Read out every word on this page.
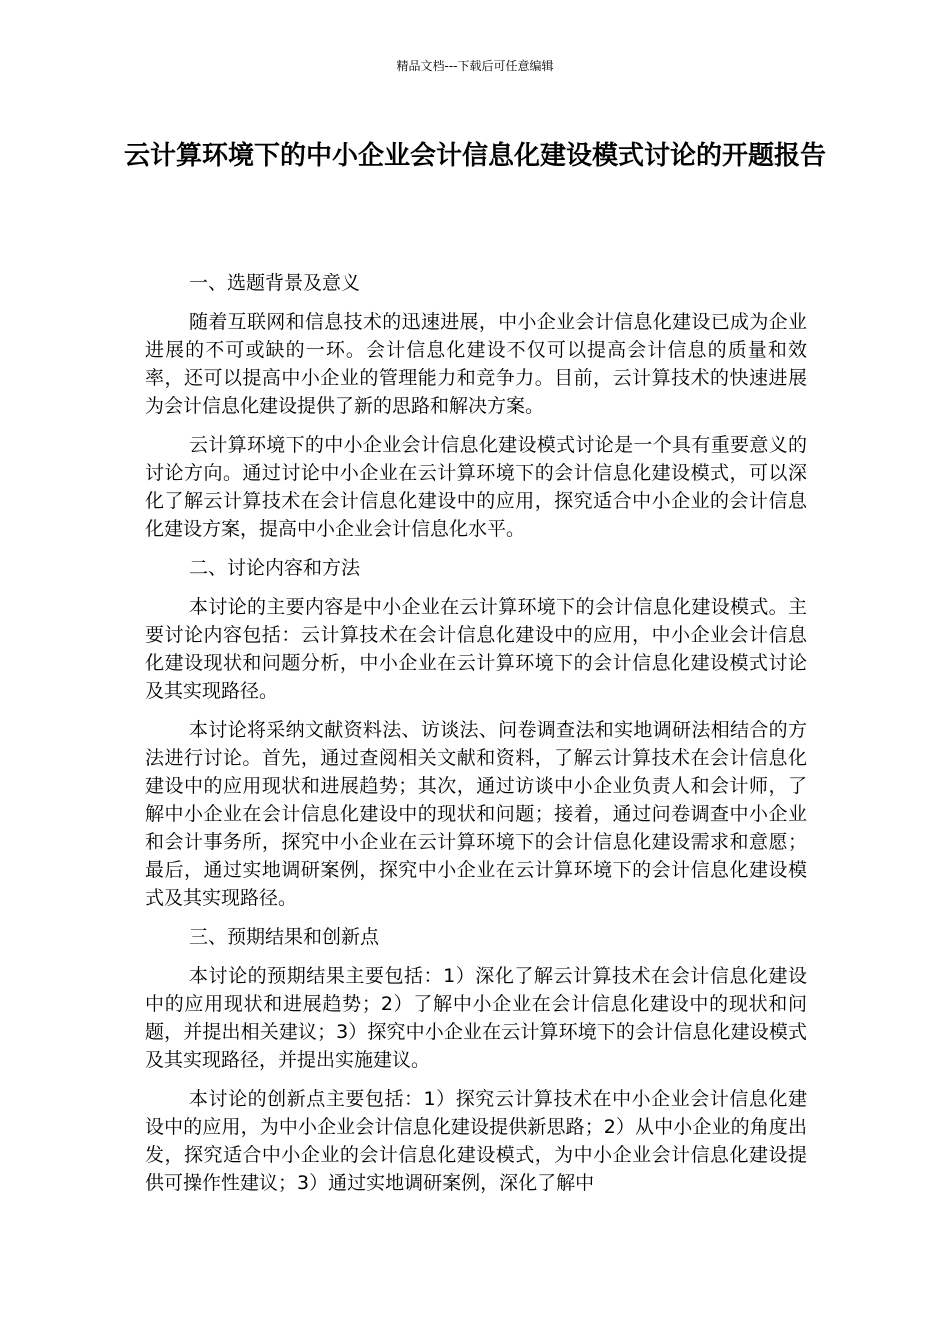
精品文档---下载后可任意编辑
云计算环境下的中小企业会计信息化建设模式讨论的开题报告

一、选题背景及意义

随着互联网和信息技术的迅速进展，中小企业会计信息化建设已成为企业进展的不可或缺的一环。会计信息化建设不仅可以提高会计信息的质量和效率，还可以提高中小企业的管理能力和竞争力。目前，云计算技术的快速进展为会计信息化建设提供了新的思路和解决方案。

云计算环境下的中小企业会计信息化建设模式讨论是一个具有重要意义的讨论方向。通过讨论中小企业在云计算环境下的会计信息化建设模式，可以深化了解云计算技术在会计信息化建设中的应用，探究适合中小企业的会计信息化建设方案，提高中小企业会计信息化水平。

二、讨论内容和方法

本讨论的主要内容是中小企业在云计算环境下的会计信息化建设模式。主要讨论内容包括：云计算技术在会计信息化建设中的应用，中小企业会计信息化建设现状和问题分析，中小企业在云计算环境下的会计信息化建设模式讨论及其实现路径。

本讨论将采纳文献资料法、访谈法、问卷调查法和实地调研法相结合的方法进行讨论。首先，通过查阅相关文献和资料，了解云计算技术在会计信息化建设中的应用现状和进展趋势；其次，通过访谈中小企业负责人和会计师，了解中小企业在会计信息化建设中的现状和问题；接着，通过问卷调查中小企业和会计事务所，探究中小企业在云计算环境下的会计信息化建设需求和意愿；最后，通过实地调研案例，探究中小企业在云计算环境下的会计信息化建设模式及其实现路径。

三、预期结果和创新点

本讨论的预期结果主要包括：1）深化了解云计算技术在会计信息化建设中的应用现状和进展趋势；2）了解中小企业在会计信息化建设中的现状和问题，并提出相关建议；3）探究中小企业在云计算环境下的会计信息化建设模式及其实现路径，并提出实施建议。

本讨论的创新点主要包括：1）探究云计算技术在中小企业会计信息化建设中的应用，为中小企业会计信息化建设提供新思路；2）从中小企业的角度出发，探究适合中小企业的会计信息化建设模式，为中小企业会计信息化建设提供可操作性建议；3）通过实地调研案例，深化了解中
